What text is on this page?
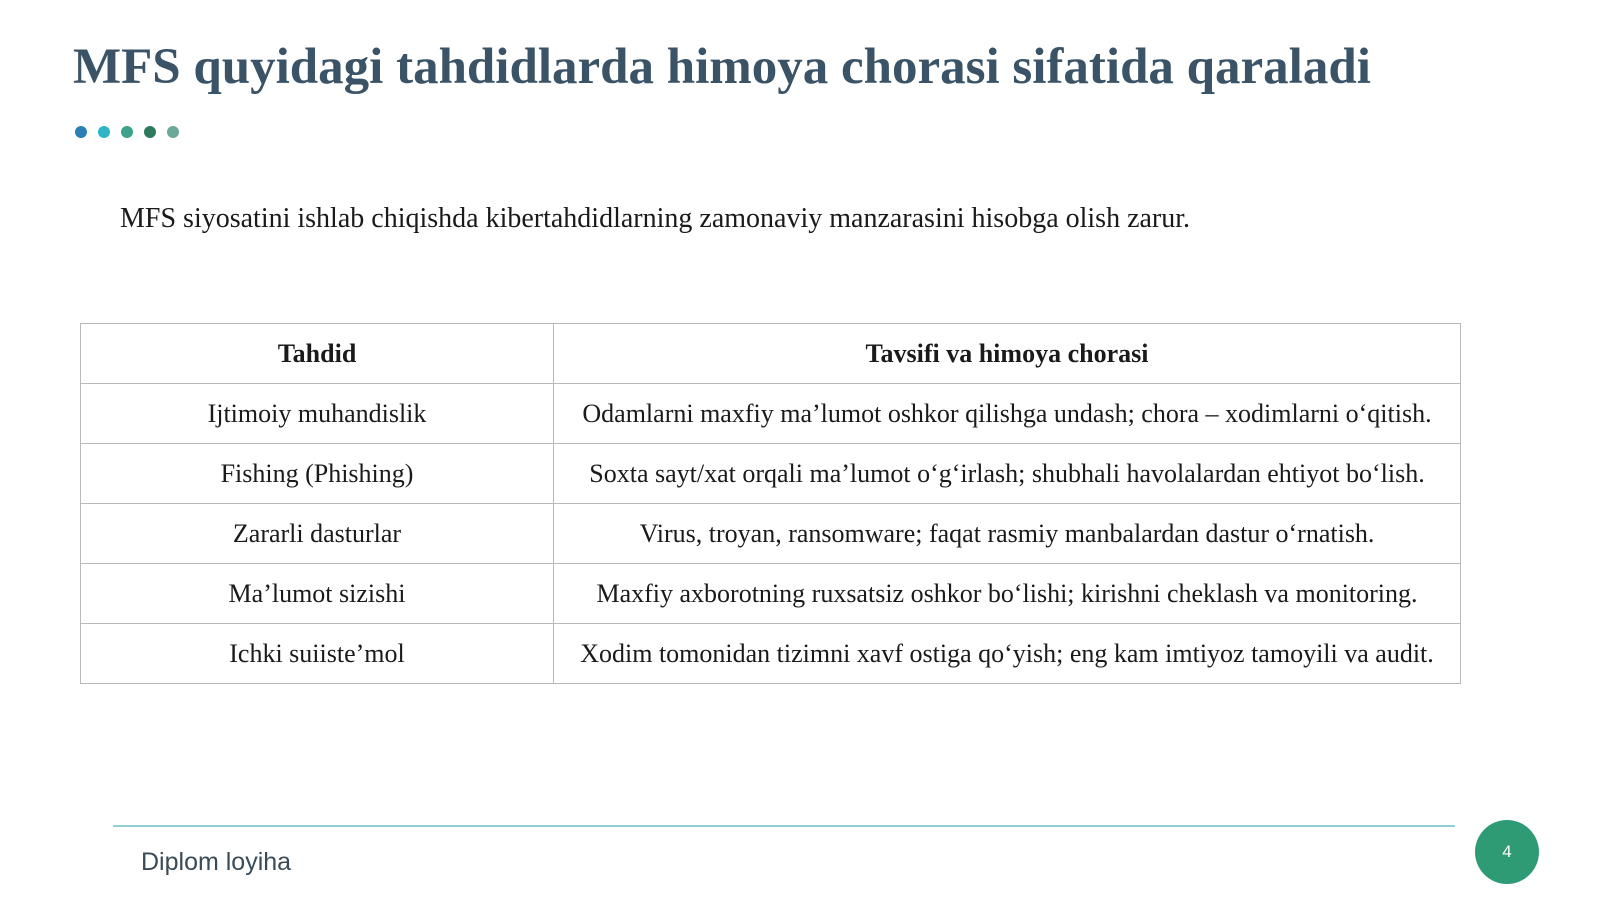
MFS quyidagi tahdidlarda himoya chorasi sifatida qaraladi
MFS siyosatini ishlab chiqishda kibertahdidlarning zamonaviy manzarasini hisobga olish zarur.
Tahdid	Tavsifi va himoya chorasi
Ijtimoiy muhandislik	Odamlarni maxfiy ma’lumot oshkor qilishga undash; chora – xodimlarni o‘qitish.
Fishing (Phishing)	Soxta sayt/xat orqali ma’lumot o‘g‘irlash; shubhali havolalardan ehtiyot bo‘lish.
Zararli dasturlar	Virus, troyan, ransomware; faqat rasmiy manbalardan dastur o‘rnatish.
Ma’lumot sizishi	Maxfiy axborotning ruxsatsiz oshkor bo‘lishi; kirishni cheklash va monitoring.
Ichki suiiste’mol	Xodim tomonidan tizimni xavf ostiga qo‘yish; eng kam imtiyoz tamoyili va audit.
Diplom loyiha	4
